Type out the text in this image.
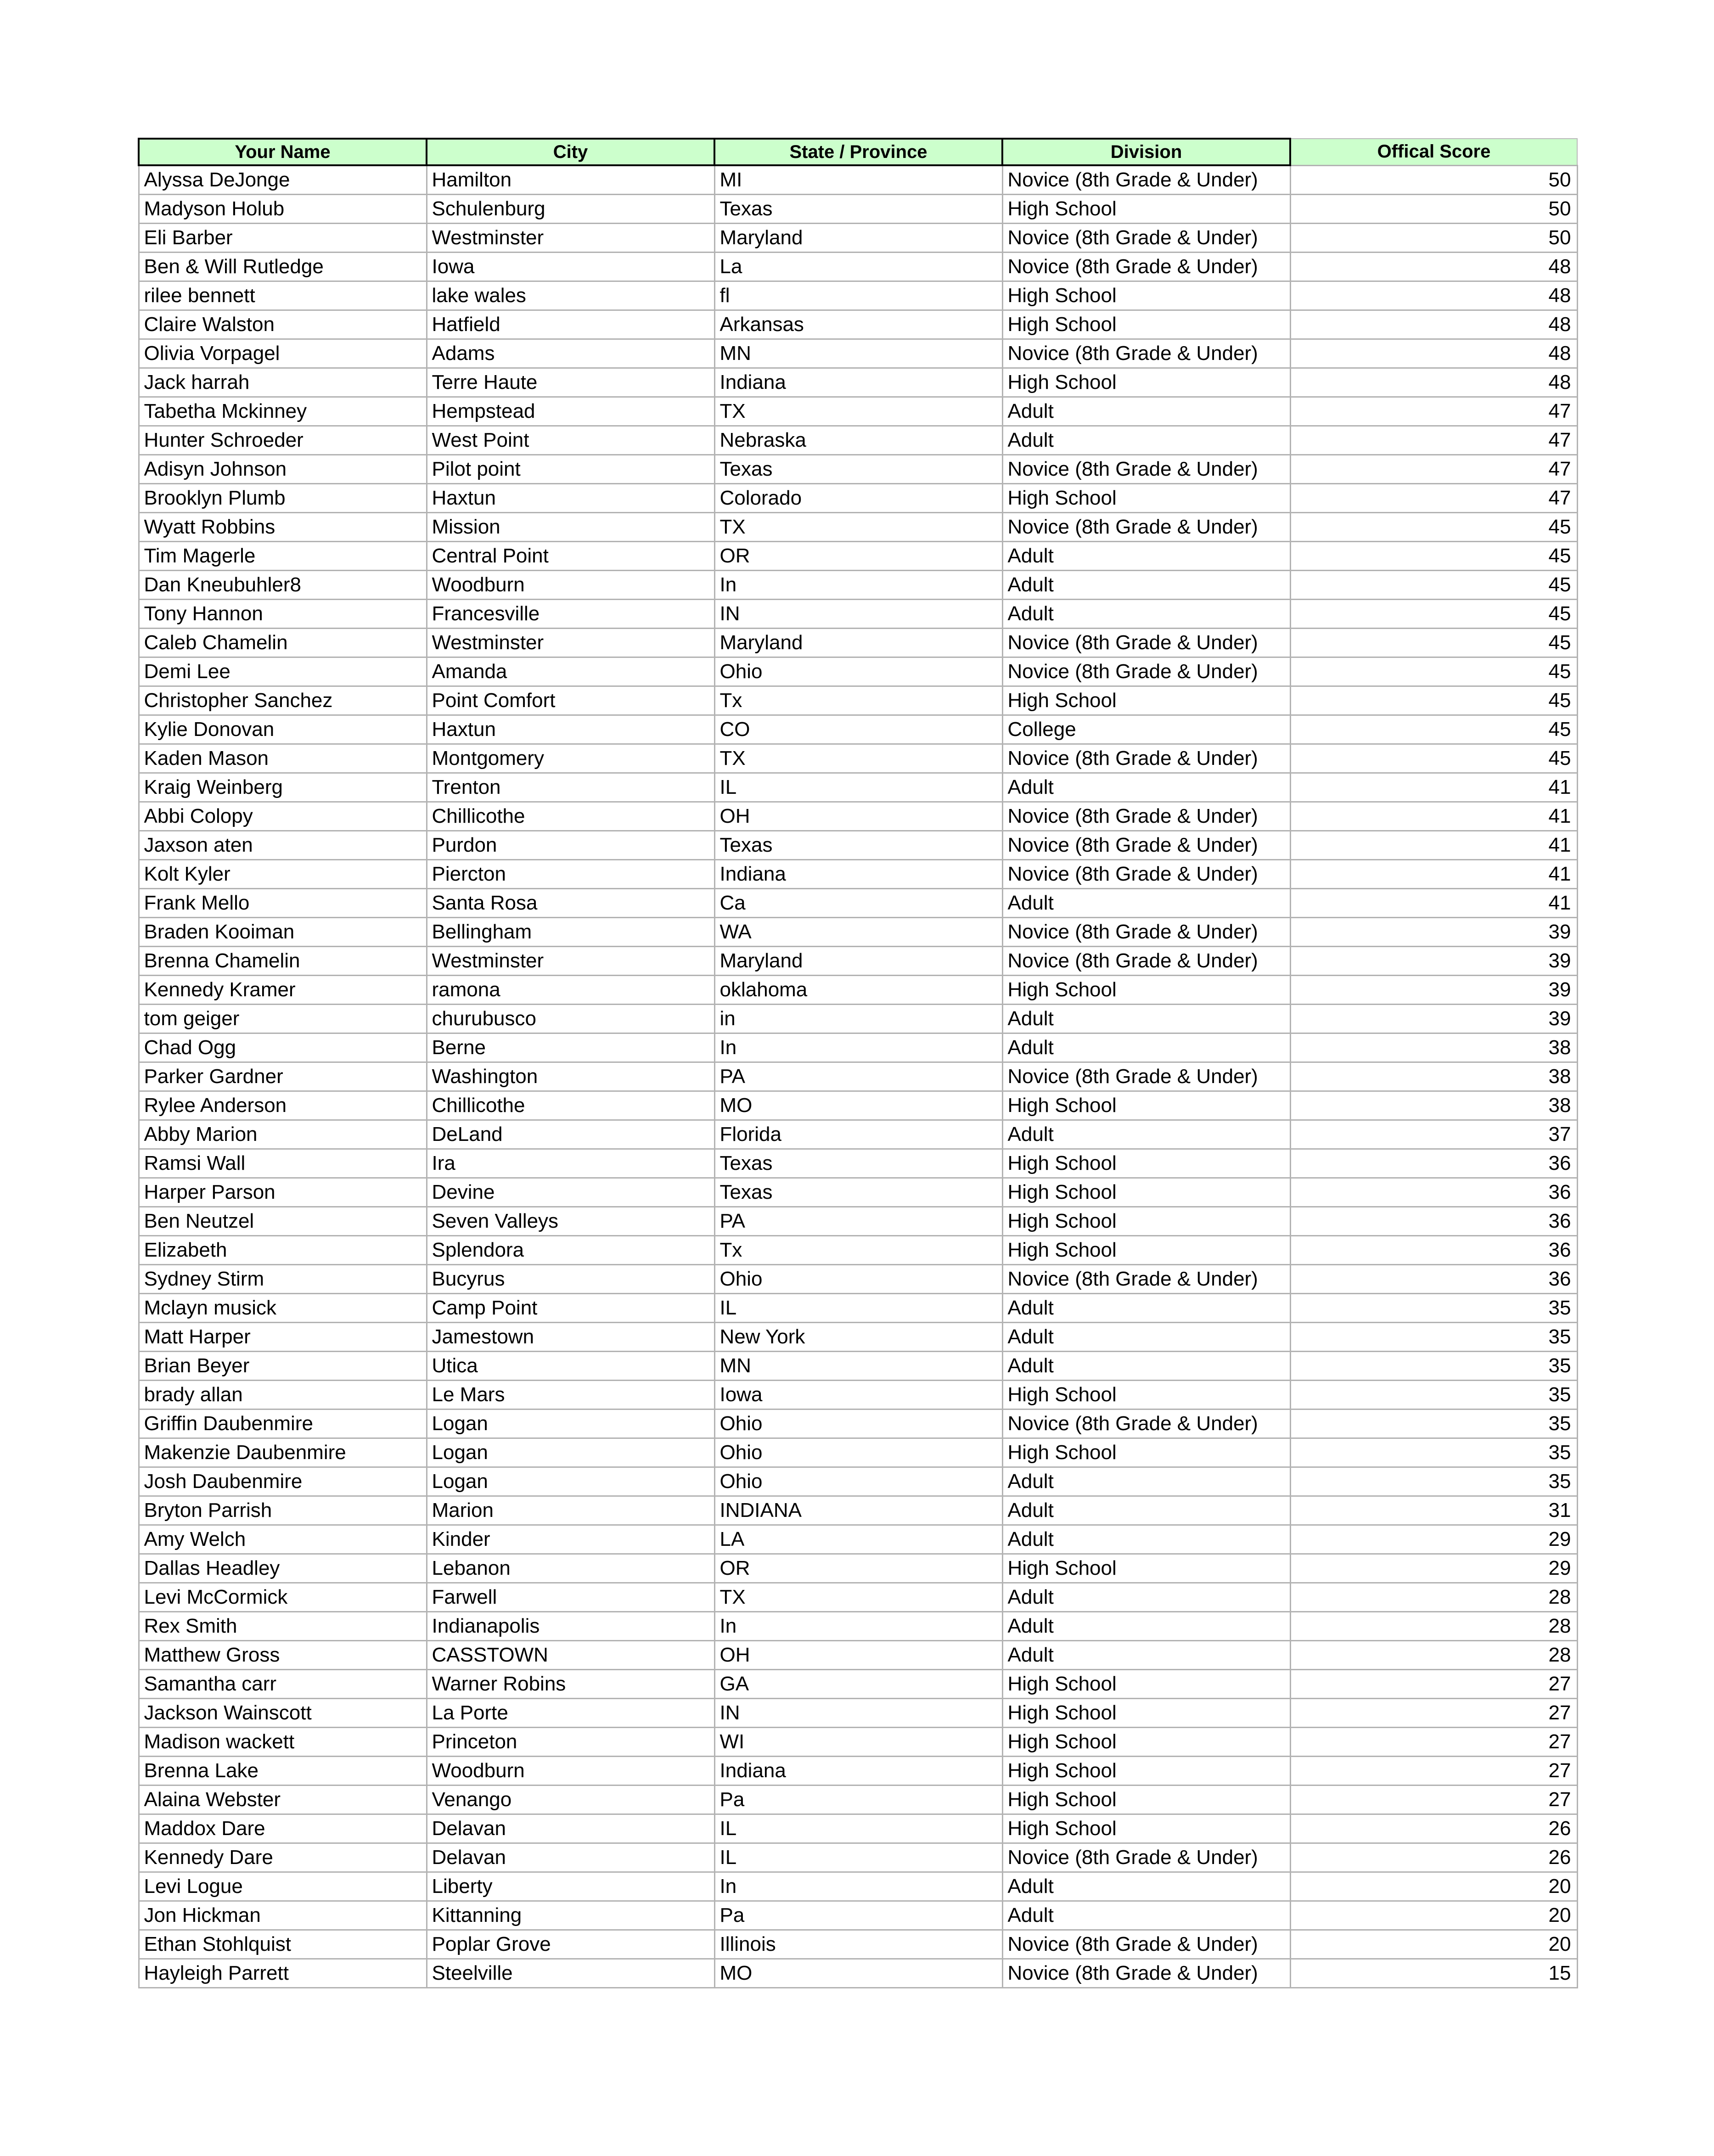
Your Name	City	State / Province	Division	Offical Score
Alyssa DeJonge	Hamilton	MI	Novice (8th Grade & Under)	50
Madyson Holub	Schulenburg	Texas	High School	50
Eli Barber	Westminster	Maryland	Novice (8th Grade & Under)	50
Ben & Will Rutledge	Iowa	La	Novice (8th Grade & Under)	48
rilee bennett	lake wales	fl	High School	48
Claire Walston	Hatfield	Arkansas	High School	48
Olivia Vorpagel	Adams	MN	Novice (8th Grade & Under)	48
Jack harrah	Terre Haute	Indiana	High School	48
Tabetha Mckinney	Hempstead	TX	Adult	47
Hunter Schroeder	West Point	Nebraska	Adult	47
Adisyn Johnson	Pilot point	Texas	Novice (8th Grade & Under)	47
Brooklyn Plumb	Haxtun	Colorado	High School	47
Wyatt Robbins	Mission	TX	Novice (8th Grade & Under)	45
Tim Magerle	Central Point	OR	Adult	45
Dan Kneubuhler8	Woodburn	In	Adult	45
Tony Hannon	Francesville	IN	Adult	45
Caleb Chamelin	Westminster	Maryland	Novice (8th Grade & Under)	45
Demi Lee	Amanda	Ohio	Novice (8th Grade & Under)	45
Christopher Sanchez	Point Comfort	Tx	High School	45
Kylie Donovan	Haxtun	CO	College	45
Kaden Mason	Montgomery	TX	Novice (8th Grade & Under)	45
Kraig Weinberg	Trenton	IL	Adult	41
Abbi Colopy	Chillicothe	OH	Novice (8th Grade & Under)	41
Jaxson aten	Purdon	Texas	Novice (8th Grade & Under)	41
Kolt Kyler	Piercton	Indiana	Novice (8th Grade & Under)	41
Frank Mello	Santa Rosa	Ca	Adult	41
Braden Kooiman	Bellingham	WA	Novice (8th Grade & Under)	39
Brenna Chamelin	Westminster	Maryland	Novice (8th Grade & Under)	39
Kennedy Kramer	ramona	oklahoma	High School	39
tom geiger	churubusco	in	Adult	39
Chad Ogg	Berne	In	Adult	38
Parker Gardner	Washington	PA	Novice (8th Grade & Under)	38
Rylee Anderson	Chillicothe	MO	High School	38
Abby Marion	DeLand	Florida	Adult	37
Ramsi Wall	Ira	Texas	High School	36
Harper Parson	Devine	Texas	High School	36
Ben Neutzel	Seven Valleys	PA	High School	36
Elizabeth	Splendora	Tx	High School	36
Sydney Stirm	Bucyrus	Ohio	Novice (8th Grade & Under)	36
Mclayn musick	Camp Point	IL	Adult	35
Matt Harper	Jamestown	New York	Adult	35
Brian Beyer	Utica	MN	Adult	35
brady allan	Le Mars	Iowa	High School	35
Griffin Daubenmire	Logan	Ohio	Novice (8th Grade & Under)	35
Makenzie Daubenmire	Logan	Ohio	High School	35
Josh Daubenmire	Logan	Ohio	Adult	35
Bryton Parrish	Marion	INDIANA	Adult	31
Amy Welch	Kinder	LA	Adult	29
Dallas Headley	Lebanon	OR	High School	29
Levi McCormick	Farwell	TX	Adult	28
Rex Smith	Indianapolis	In	Adult	28
Matthew Gross	CASSTOWN	OH	Adult	28
Samantha carr	Warner Robins	GA	High School	27
Jackson Wainscott	La Porte	IN	High School	27
Madison wackett	Princeton	WI	High School	27
Brenna Lake	Woodburn	Indiana	High School	27
Alaina Webster	Venango	Pa	High School	27
Maddox Dare	Delavan	IL	High School	26
Kennedy Dare	Delavan	IL	Novice (8th Grade & Under)	26
Levi Logue	Liberty	In	Adult	20
Jon Hickman	Kittanning	Pa	Adult	20
Ethan Stohlquist	Poplar Grove	Illinois	Novice (8th Grade & Under)	20
Hayleigh Parrett	Steelville	MO	Novice (8th Grade & Under)	15
